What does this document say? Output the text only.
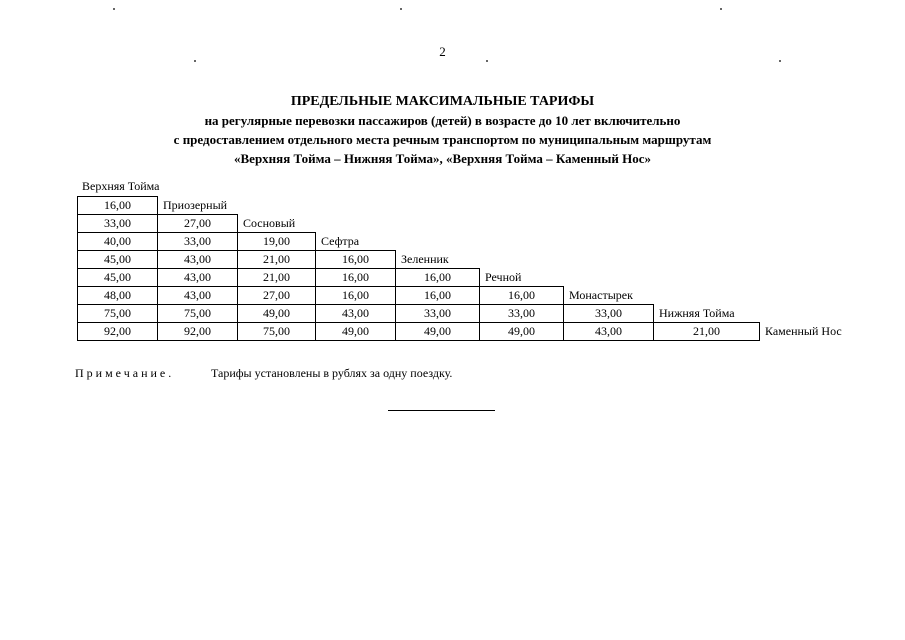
2
ПРЕДЕЛЬНЫЕ МАКСИМАЛЬНЫЕ ТАРИФЫ
на регулярные перевозки пассажиров (детей) в возрасте до 10 лет включительно
с предоставлением отдельного места речным транспортом по муниципальным маршрутам
«Верхняя Тойма – Нижняя Тойма», «Верхняя Тойма – Каменный Нос»
Верхняя Тойма
16,00	Приозерный							
33,00	27,00	Сосновый						
40,00	33,00	19,00	Сефтра					
45,00	43,00	21,00	16,00	Зеленник				
45,00	43,00	21,00	16,00	16,00	Речной			
48,00	43,00	27,00	16,00	16,00	16,00	Монастырек		
75,00	75,00	49,00	43,00	33,00	33,00	33,00	Нижняя Тойма	
92,00	92,00	75,00	49,00	49,00	49,00	43,00	21,00	Каменный Нос
Примечание.	Тарифы установлены в рублях за одну поездку.
